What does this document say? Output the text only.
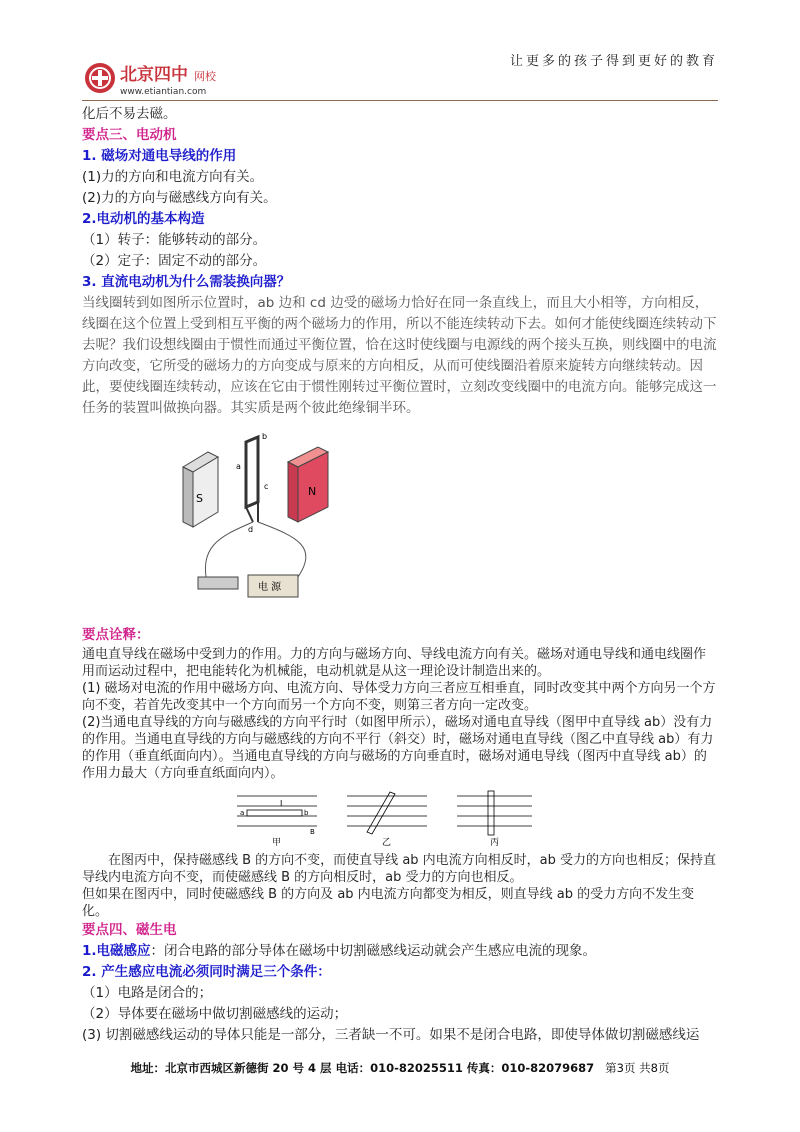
北京四中 网校
www.etiantian.com
让更多的孩子得到更好的教育

化后不易去磁。

要点三、电动机

1. 磁场对通电导线的作用

(1)力的方向和电流方向有关。

(2)力的方向与磁感线方向有关。

2.电动机的基本构造

（1）转子：能够转动的部分。

（2）定子：固定不动的部分。

3. 直流电动机为什么需装换向器？

当线圈转到如图所示位置时，ab 边和 cd 边受的磁场力恰好在同一条直线上，而且大小相等，方向相反，线圈在这个位置上受到相互平衡的两个磁场力的作用，所以不能连续转动下去。如何才能使线圈连续转动下去呢？我们设想线圈由于惯性而通过平衡位置，恰在这时使线圈与电源线的两个接头互换，则线圈中的电流方向改变，它所受的磁场力的方向变成与原来的方向相反，从而可使线圈沿着原来旋转方向继续转动。因此，要使线圈连续转动，应该在它由于惯性刚转过平衡位置时，立刻改变线圈中的电流方向。能够完成这一任务的装置叫做换向器。其实质是两个彼此绝缘铜半环。

S
N
a
b
c
d
电 源

要点诠释：

通电直导线在磁场中受到力的作用。力的方向与磁场方向、导线电流方向有关。磁场对通电导线和通电线圈作用而运动过程中，把电能转化为机械能，电动机就是从这一理论设计制造出来的。

(1) 磁场对电流的作用中磁场方向、电流方向、导体受力方向三者应互相垂直，同时改变其中两个方向另一个方向不变，若首先改变其中一个方向而另一个方向不变，则第三者方向一定改变。

(2)当通电直导线的方向与磁感线的方向平行时（如图甲所示），磁场对通电直导线（图甲中直导线 ab）没有力的作用。当通电直导线的方向与磁感线的方向不平行（斜交）时，磁场对通电直导线（图乙中直导线 ab）有力的作用（垂直纸面向内）。当通电直导线的方向与磁场的方向垂直时，磁场对通电导线（图丙中直导线 ab）的作用力最大（方向垂直纸面向内）。

I
a	b
B
甲	乙	丙

在图丙中，保持磁感线 B 的方向不变，而使直导线 ab 内电流方向相反时，ab 受力的方向也相反；保持直导线内电流方向不变，而使磁感线 B 的方向相反时，ab 受力的方向也相反。

但如果在图丙中，同时使磁感线 B 的方向及 ab 内电流方向都变为相反，则直导线 ab 的受力方向不发生变化。

要点四、磁生电

1.电磁感应：闭合电路的部分导体在磁场中切割磁感线运动就会产生感应电流的现象。

2. 产生感应电流必须同时满足三个条件：

（1）电路是闭合的；

（2）导体要在磁场中做切割磁感线的运动；

(3) 切割磁感线运动的导体只能是一部分，三者缺一不可。如果不是闭合电路，即使导体做切割磁感线运

地址：北京市西城区新德街 20 号 4 层 电话：010-82025511 传真：010-82079687 第3页 共8页
